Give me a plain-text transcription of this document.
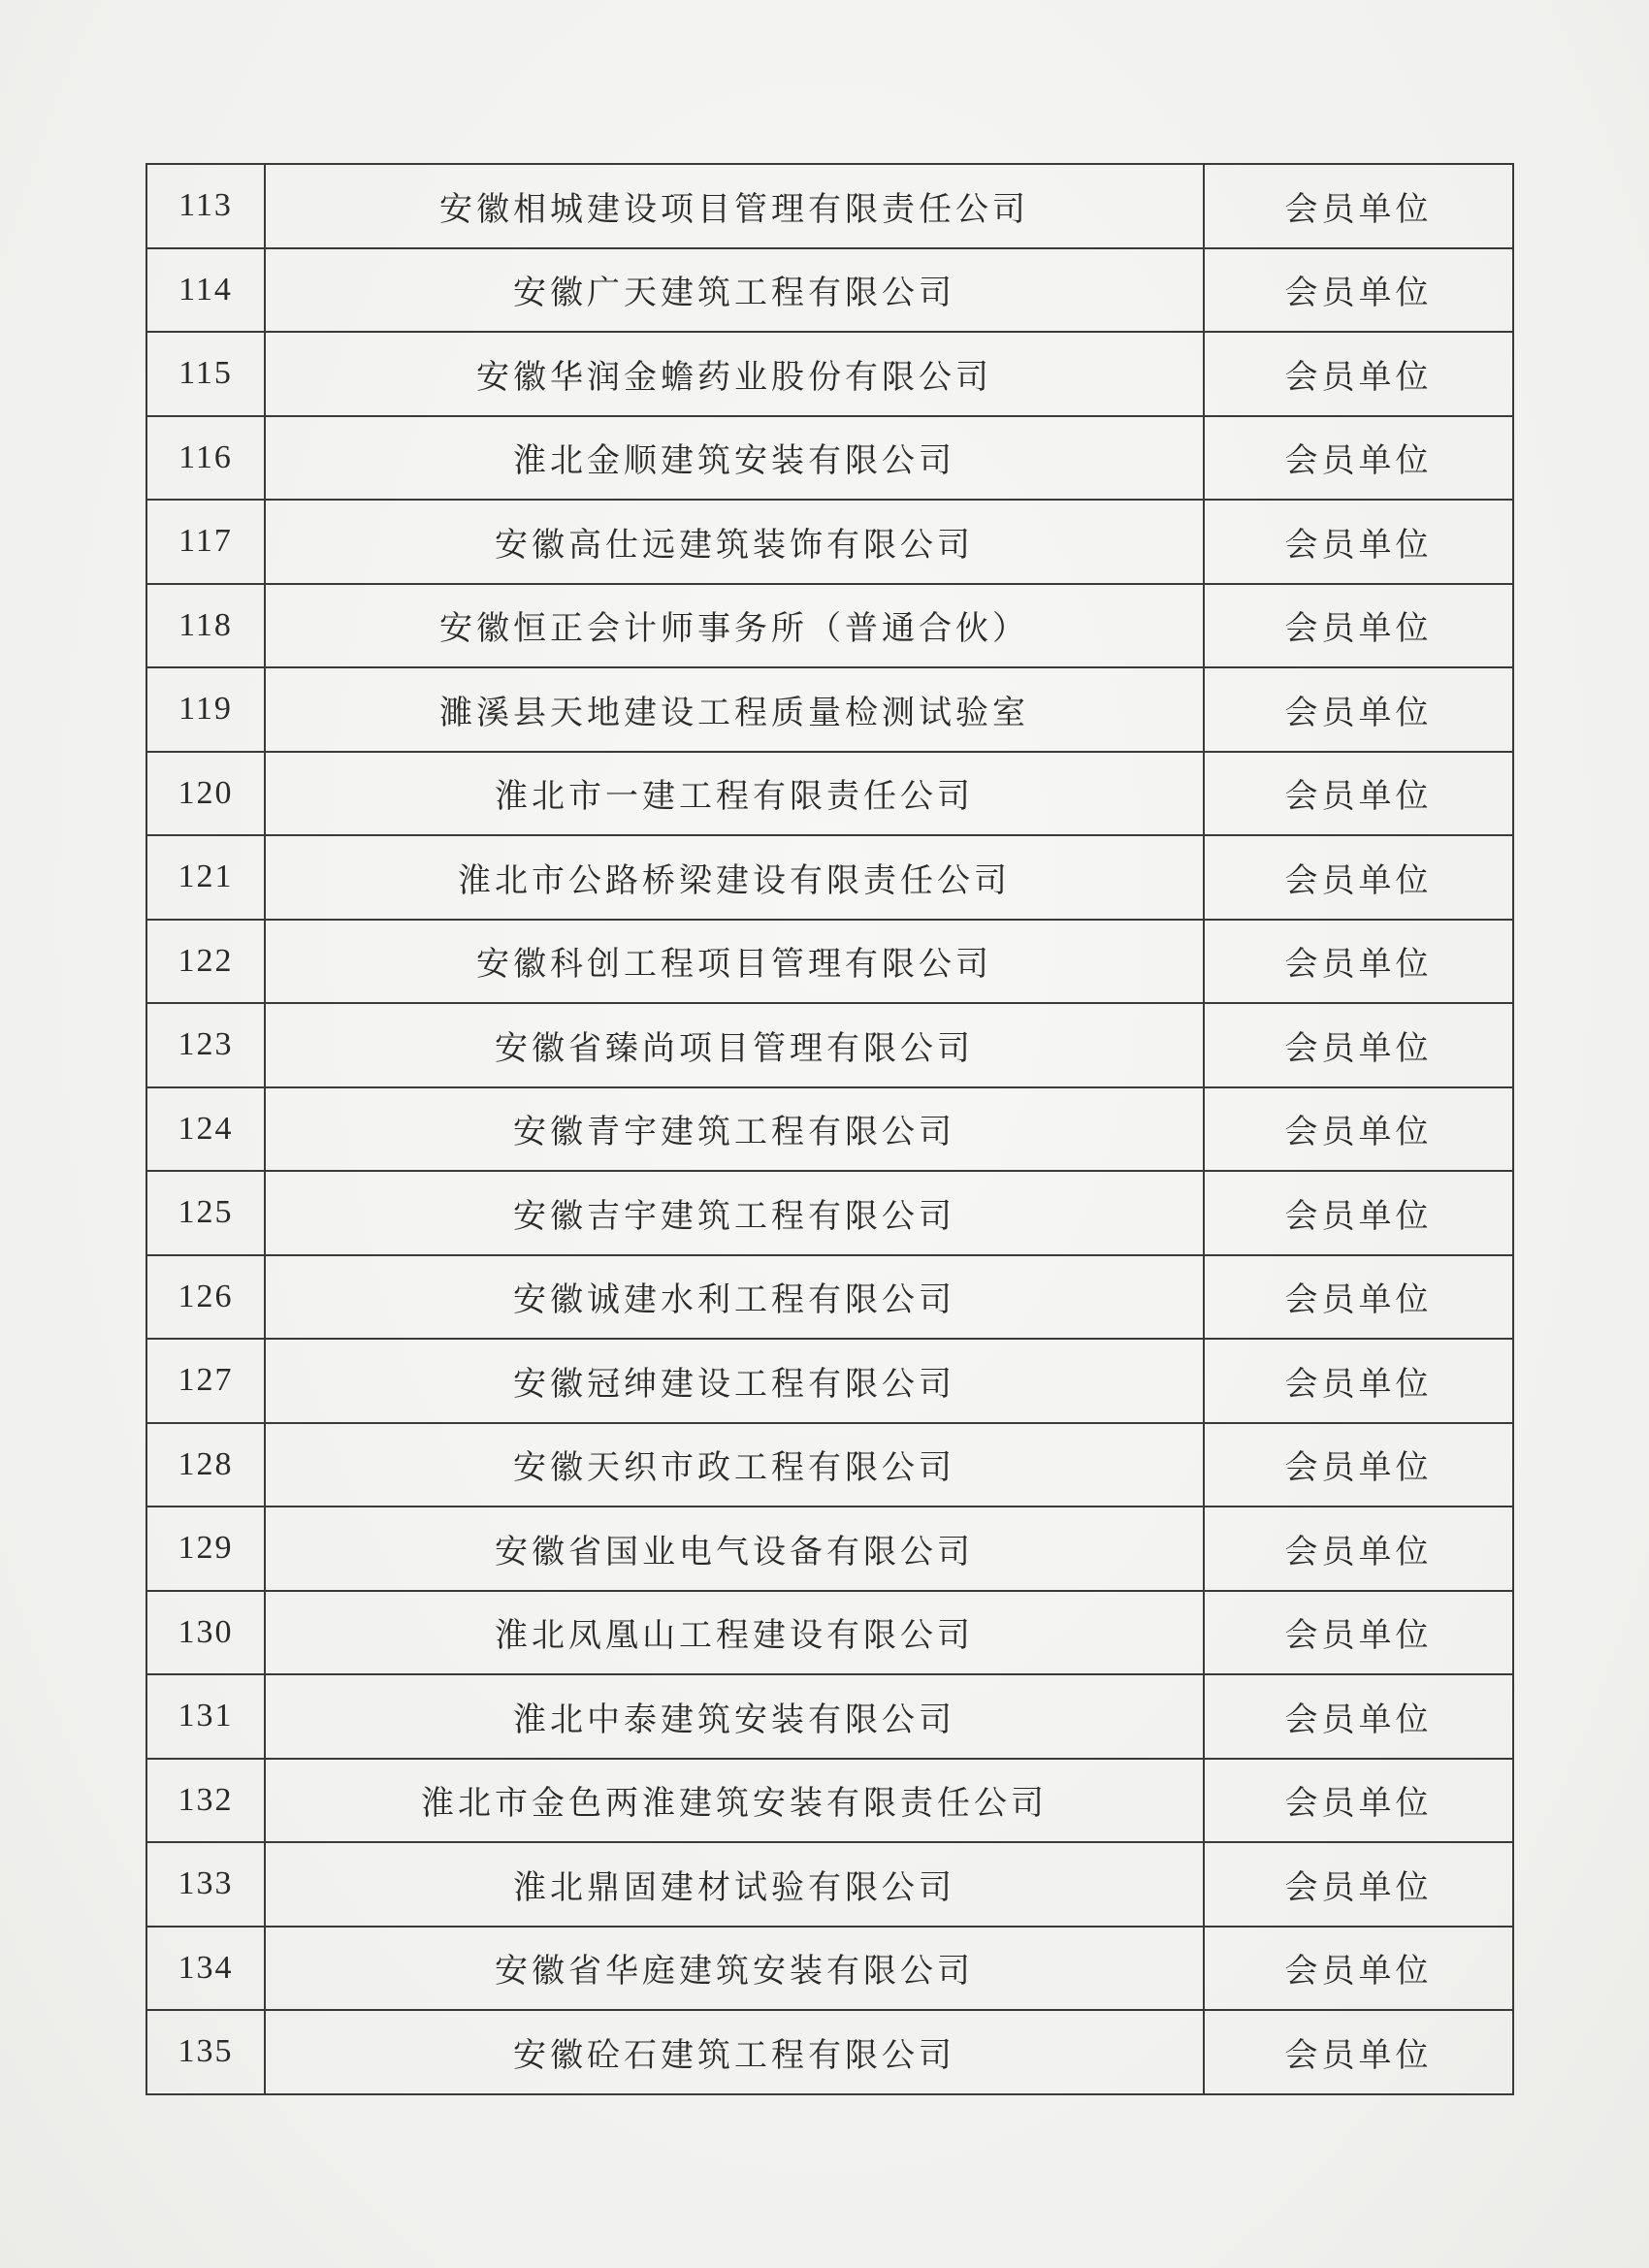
113	安徽相城建设项目管理有限责任公司	会员单位
114	安徽广天建筑工程有限公司	会员单位
115	安徽华润金蟾药业股份有限公司	会员单位
116	淮北金顺建筑安装有限公司	会员单位
117	安徽高仕远建筑装饰有限公司	会员单位
118	安徽恒正会计师事务所（普通合伙）	会员单位
119	濉溪县天地建设工程质量检测试验室	会员单位
120	淮北市一建工程有限责任公司	会员单位
121	淮北市公路桥梁建设有限责任公司	会员单位
122	安徽科创工程项目管理有限公司	会员单位
123	安徽省臻尚项目管理有限公司	会员单位
124	安徽青宇建筑工程有限公司	会员单位
125	安徽吉宇建筑工程有限公司	会员单位
126	安徽诚建水利工程有限公司	会员单位
127	安徽冠绅建设工程有限公司	会员单位
128	安徽天织市政工程有限公司	会员单位
129	安徽省国业电气设备有限公司	会员单位
130	淮北凤凰山工程建设有限公司	会员单位
131	淮北中泰建筑安装有限公司	会员单位
132	淮北市金色两淮建筑安装有限责任公司	会员单位
133	淮北鼎固建材试验有限公司	会员单位
134	安徽省华庭建筑安装有限公司	会员单位
135	安徽砼石建筑工程有限公司	会员单位
